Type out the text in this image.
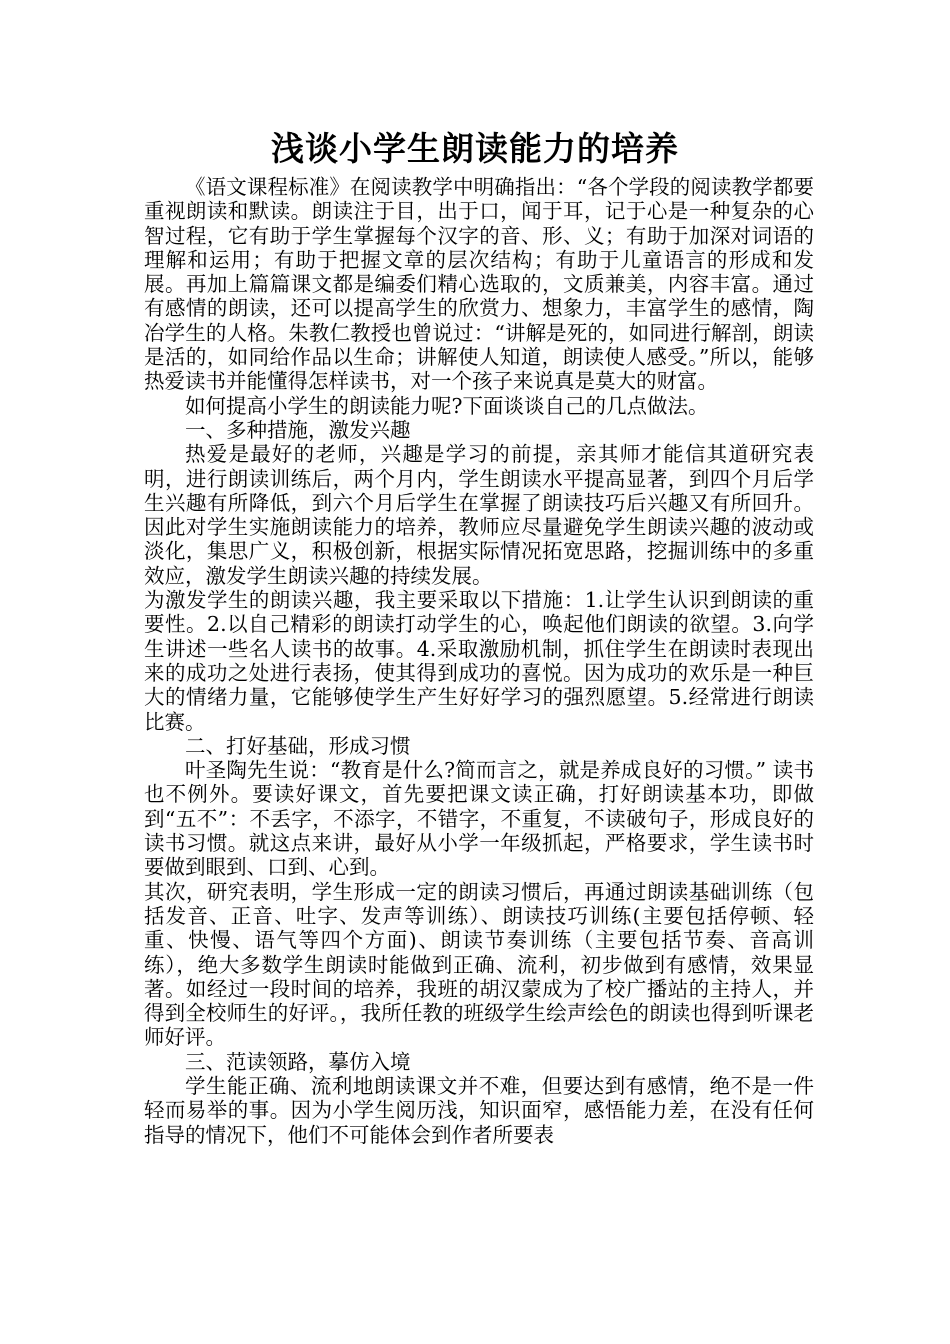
浅谈小学生朗读能力的培养

《语文课程标准》在阅读教学中明确指出：“各个学段的阅读教学都要重视朗读和默读。朗读注于目，出于口，闻于耳，记于心是一种复杂的心智过程，它有助于学生掌握每个汉字的音、形、义；有助于加深对词语的理解和运用；有助于把握文章的层次结构；有助于儿童语言的形成和发展。再加上篇篇课文都是编委们精心选取的，文质兼美，内容丰富。通过有感情的朗读，还可以提高学生的欣赏力、想象力，丰富学生的感情，陶冶学生的人格。朱教仁教授也曾说过：“讲解是死的，如同进行解剖，朗读是活的，如同给作品以生命；讲解使人知道，朗读使人感受。”所以，能够热爱读书并能懂得怎样读书，对一个孩子来说真是莫大的财富。

如何提高小学生的朗读能力呢?下面谈谈自己的几点做法。

一、多种措施，激发兴趣

热爱是最好的老师，兴趣是学习的前提，亲其师才能信其道研究表明，进行朗读训练后，两个月内，学生朗读水平提高显著，到四个月后学生兴趣有所降低，到六个月后学生在掌握了朗读技巧后兴趣又有所回升。因此对学生实施朗读能力的培养，教师应尽量避免学生朗读兴趣的波动或淡化，集思广义，积极创新，根据实际情况拓宽思路，挖掘训练中的多重效应，激发学生朗读兴趣的持续发展。

为激发学生的朗读兴趣，我主要采取以下措施：1.让学生认识到朗读的重要性。2.以自己精彩的朗读打动学生的心，唤起他们朗读的欲望。3.向学生讲述一些名人读书的故事。4.采取激励机制，抓住学生在朗读时表现出来的成功之处进行表扬，使其得到成功的喜悦。因为成功的欢乐是一种巨大的情绪力量，它能够使学生产生好好学习的强烈愿望。5.经常进行朗读比赛。

二、打好基础，形成习惯

叶圣陶先生说：“教育是什么?简而言之，就是养成良好的习惯。” 读书也不例外。要读好课文，首先要把课文读正确，打好朗读基本功，即做到“五不”：不丢字，不添字，不错字，不重复，不读破句子，形成良好的读书习惯。就这点来讲，最好从小学一年级抓起，严格要求，学生读书时要做到眼到、口到、心到。

其次，研究表明，学生形成一定的朗读习惯后，再通过朗读基础训练（包括发音、正音、吐字、发声等训练）、朗读技巧训练(主要包括停顿、轻重、快慢、语气等四个方面)、朗读节奏训练（主要包括节奏、音高训练），绝大多数学生朗读时能做到正确、流利，初步做到有感情，效果显著。如经过一段时间的培养，我班的胡汉蒙成为了校广播站的主持人，并得到全校师生的好评。，我所任教的班级学生绘声绘色的朗读也得到听课老师好评。

三、范读领路，摹仿入境

学生能正确、流利地朗读课文并不难，但要达到有感情，绝不是一件轻而易举的事。因为小学生阅历浅，知识面窄，感悟能力差，在没有任何指导的情况下，他们不可能体会到作者所要表
